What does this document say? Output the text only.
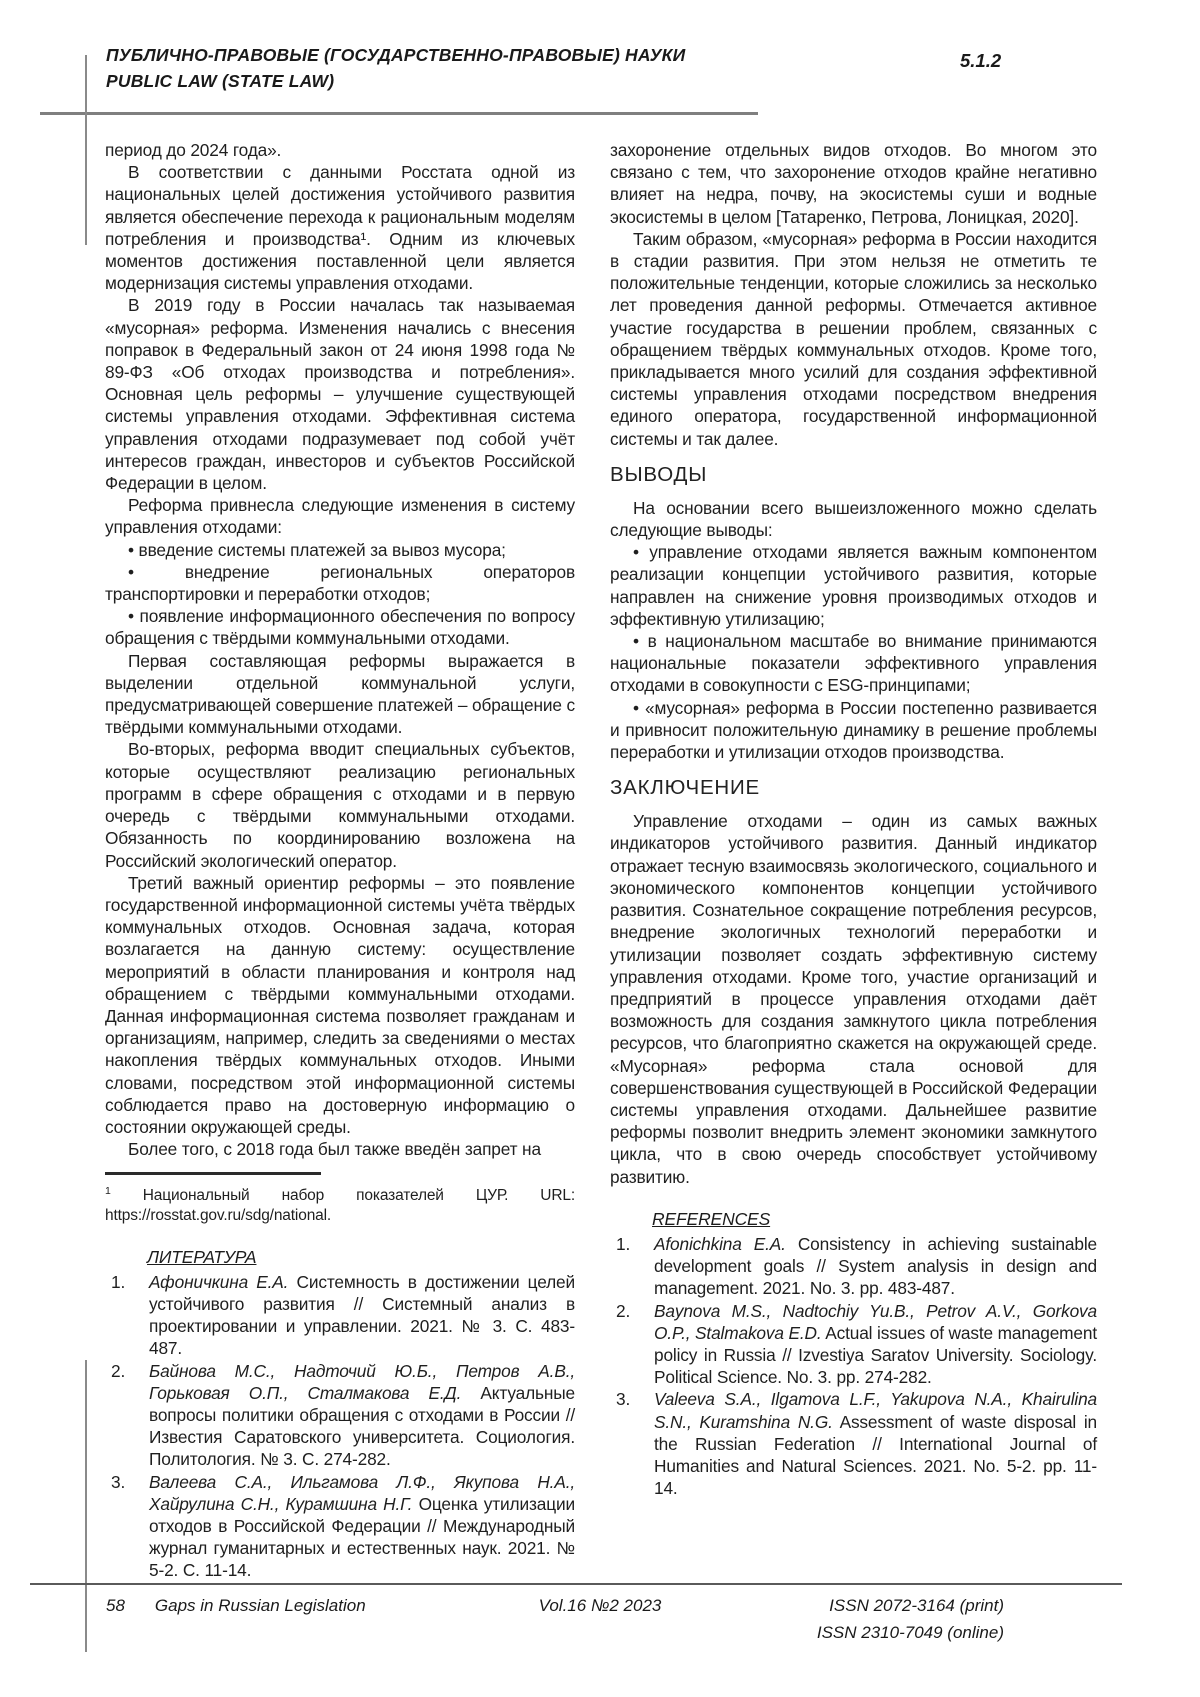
ПУБЛИЧНО-ПРАВОВЫЕ (ГОСУДАРСТВЕННО-ПРАВОВЫЕ) НАУКИ
PUBLIC LAW (STATE LAW)
5.1.2
период до 2024 года».
В соответствии с данными Росстата одной из национальных целей достижения устойчивого развития является обеспечение перехода к рациональным моделям потребления и производства¹. Одним из ключевых моментов достижения поставленной цели является модернизация системы управления отходами.
В 2019 году в России началась так называемая «мусорная» реформа. Изменения начались с внесения поправок в Федеральный закон от 24 июня 1998 года № 89-ФЗ «Об отходах производства и потребления». Основная цель реформы – улучшение существующей системы управления отходами. Эффективная система управления отходами подразумевает под собой учёт интересов граждан, инвесторов и субъектов Российской Федерации в целом.
Реформа привнесла следующие изменения в систему управления отходами:
• введение системы платежей за вывоз мусора;
• внедрение региональных операторов транспортировки и переработки отходов;
• появление информационного обеспечения по вопросу обращения с твёрдыми коммунальными отходами.
Первая составляющая реформы выражается в выделении отдельной коммунальной услуги, предусматривающей совершение платежей – обращение с твёрдыми коммунальными отходами.
Во-вторых, реформа вводит специальных субъектов, которые осуществляют реализацию региональных программ в сфере обращения с отходами и в первую очередь с твёрдыми коммунальными отходами. Обязанность по координированию возложена на Российский экологический оператор.
Третий важный ориентир реформы – это появление государственной информационной системы учёта твёрдых коммунальных отходов. Основная задача, которая возлагается на данную систему: осуществление мероприятий в области планирования и контроля над обращением с твёрдыми коммунальными отходами. Данная информационная система позволяет гражданам и организациям, например, следить за сведениями о местах накопления твёрдых коммунальных отходов. Иными словами, посредством этой информационной системы соблюдается право на достоверную информацию о состоянии окружающей среды.
Более того, с 2018 года был также введён запрет на
$^1$ Национальный набор показателей ЦУР. URL: https://rosstat.gov.ru/sdg/national.
ЛИТЕРАТУРА
1.	Афоничкина Е.А. Системность в достижении целей устойчивого развития // Системный анализ в проектировании и управлении. 2021. № 3. С. 483-487.
2.	Байнова М.С., Надточий Ю.Б., Петров А.В., Горьковая О.П., Сталмакова Е.Д. Актуальные вопросы политики обращения с отходами в России // Известия Саратовского университета. Социология. Политология. № 3. С. 274-282.
3.	Валеева С.А., Ильгамова Л.Ф., Якупова Н.А., Хайрулина С.Н., Курамшина Н.Г. Оценка утилизации отходов в Российской Федерации // Международный журнал гуманитарных и естественных наук. 2021. № 5-2. С. 11-14.
захоронение отдельных видов отходов. Во многом это связано с тем, что захоронение отходов крайне негативно влияет на недра, почву, на экосистемы суши и водные экосистемы в целом [Татаренко, Петрова, Лоницкая, 2020].
Таким образом, «мусорная» реформа в России находится в стадии развития. При этом нельзя не отметить те положительные тенденции, которые сложились за несколько лет проведения данной реформы. Отмечается активное участие государства в решении проблем, связанных с обращением твёрдых коммунальных отходов. Кроме того, прикладывается много усилий для создания эффективной системы управления отходами посредством внедрения единого оператора, государственной информационной системы и так далее.
ВЫВОДЫ
На основании всего вышеизложенного можно сделать следующие выводы:
• управление отходами является важным компонентом реализации концепции устойчивого развития, которые направлен на снижение уровня производимых отходов и эффективную утилизацию;
• в национальном масштабе во внимание принимаются национальные показатели эффективного управления отходами в совокупности с ESG-принципами;
• «мусорная» реформа в России постепенно развивается и привносит положительную динамику в решение проблемы переработки и утилизации отходов производства.
ЗАКЛЮЧЕНИЕ
Управление отходами – один из самых важных индикаторов устойчивого развития. Данный индикатор отражает тесную взаимосвязь экологического, социального и экономического компонентов концепции устойчивого развития. Сознательное сокращение потребления ресурсов, внедрение экологичных технологий переработки и утилизации позволяет создать эффективную систему управления отходами. Кроме того, участие организаций и предприятий в процессе управления отходами даёт возможность для создания замкнутого цикла потребления ресурсов, что благоприятно скажется на окружающей среде. «Мусорная» реформа стала основой для совершенствования существующей в Российской Федерации системы управления отходами. Дальнейшее развитие реформы позволит внедрить элемент экономики замкнутого цикла, что в свою очередь способствует устойчивому развитию.
REFERENCES
1.	Afonichkina E.A. Consistency in achieving sustainable development goals // System analysis in design and management. 2021. No. 3. pp. 483-487.
2.	Baynova M.S., Nadtochiy Yu.B., Petrov A.V., Gorkova O.P., Stalmakova E.D. Actual issues of waste management policy in Russia // Izvestiya Saratov University. Sociology. Political Science. No. 3. pp. 274-282.
3.	Valeeva S.A., Ilgamova L.F., Yakupova N.A., Khairulina S.N., Kuramshina N.G. Assessment of waste disposal in the Russian Federation // International Journal of Humanities and Natural Sciences. 2021. No. 5-2. pp. 11-14.
58 Gaps in Russian Legislation	Vol.16 №2 2023	ISSN 2072-3164 (print)
ISSN 2310-7049 (online)
